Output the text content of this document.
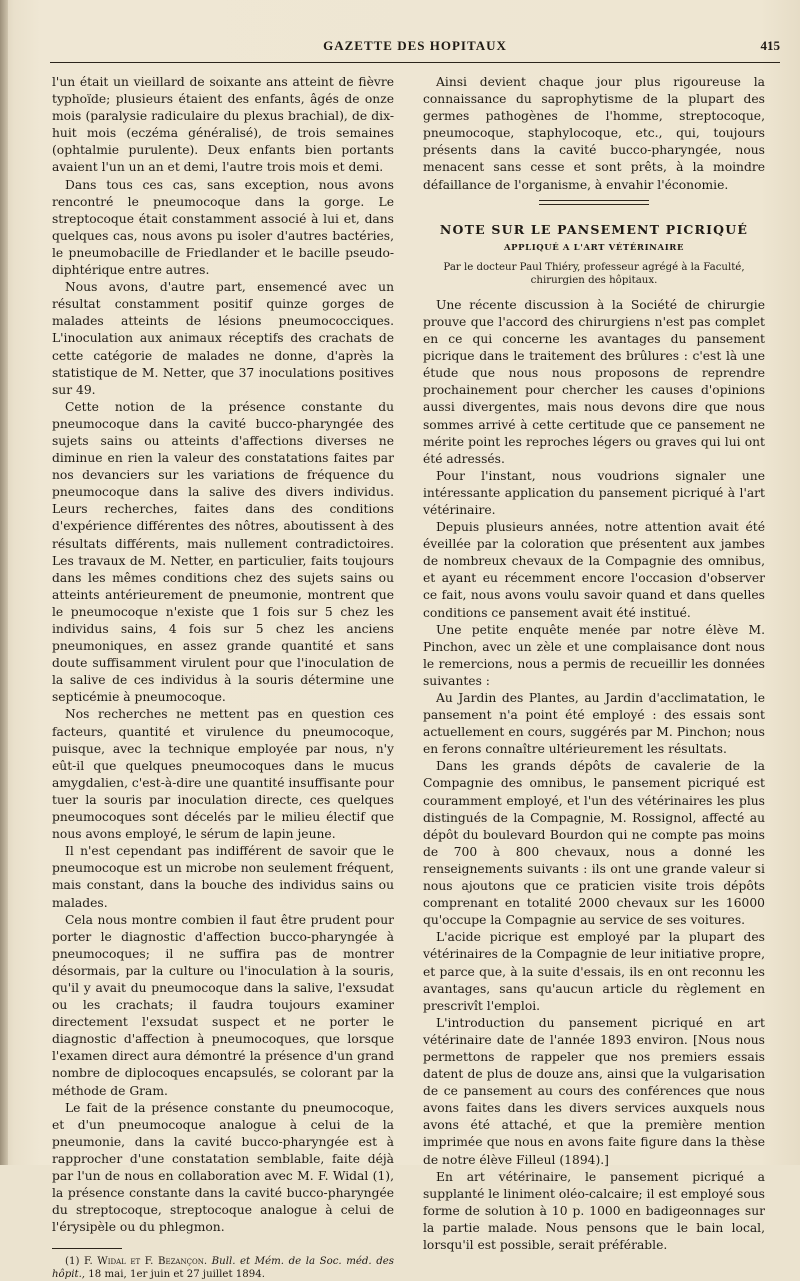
GAZETTE DES HOPITAUX	415

l'un était un vieillard de soixante ans atteint de fièvre typhoïde; plusieurs étaient des enfants, âgés de onze mois (paralysie radiculaire du plexus brachial), de dix-huit mois (eczéma généralisé), de trois semaines (ophtalmie purulente). Deux enfants bien portants avaient l'un un an et demi, l'autre trois mois et demi.

Dans tous ces cas, sans exception, nous avons rencontré le pneumocoque dans la gorge. Le streptocoque était constamment associé à lui et, dans quelques cas, nous avons pu isoler d'autres bactéries, le pneumobacille de Friedlander et le bacille pseudo-diphtérique entre autres.

Nous avons, d'autre part, ensemencé avec un résultat constamment positif quinze gorges de malades atteints de lésions pneumococciques. L'inoculation aux animaux réceptifs des crachats de cette catégorie de malades ne donne, d'après la statistique de M. Netter, que 37 inoculations positives sur 49.

Cette notion de la présence constante du pneumocoque dans la cavité bucco-pharyngée des sujets sains ou atteints d'affections diverses ne diminue en rien la valeur des constatations faites par nos devanciers sur les variations de fréquence du pneumocoque dans la salive des divers individus. Leurs recherches, faites dans des conditions d'expérience différentes des nôtres, aboutissent à des résultats différents, mais nullement contradictoires. Les travaux de M. Netter, en particulier, faits toujours dans les mêmes conditions chez des sujets sains ou atteints antérieurement de pneumonie, montrent que le pneumocoque n'existe que 1 fois sur 5 chez les individus sains, 4 fois sur 5 chez les anciens pneumoniques, en assez grande quantité et sans doute suffisamment virulent pour que l'inoculation de la salive de ces individus à la souris détermine une septicémie à pneumocoque.

Nos recherches ne mettent pas en question ces facteurs, quantité et virulence du pneumocoque, puisque, avec la technique employée par nous, n'y eût-il que quelques pneumocoques dans le mucus amygdalien, c'est-à-dire une quantité insuffisante pour tuer la souris par inoculation directe, ces quelques pneumocoques sont décelés par le milieu électif que nous avons employé, le sérum de lapin jeune.

Il n'est cependant pas indifférent de savoir que le pneumocoque est un microbe non seulement fréquent, mais constant, dans la bouche des individus sains ou malades.

Cela nous montre combien il faut être prudent pour porter le diagnostic d'affection bucco-pharyngée à pneumocoques; il ne suffira pas de montrer désormais, par la culture ou l'inoculation à la souris, qu'il y avait du pneumocoque dans la salive, l'exsudat ou les crachats; il faudra toujours examiner directement l'exsudat suspect et ne porter le diagnostic d'affection à pneumocoques, que lorsque l'examen direct aura démontré la présence d'un grand nombre de diplocoques encapsulés, se colorant par la méthode de Gram.

Le fait de la présence constante du pneumocoque, et d'un pneumocoque analogue à celui de la pneumonie, dans la cavité bucco-pharyngée est à rapprocher d'une constatation semblable, faite déjà par l'un de nous en collaboration avec M. F. Widal (1), la présence constante dans la cavité bucco-pharyngée du streptocoque, streptocoque analogue à celui de l'érysipèle ou du phlegmon.

(1) F. Widal et F. Bezançon. Bull. et Mém. de la Soc. méd. des hôpit., 18 mai, 1er juin et 27 juillet 1894.

Ainsi devient chaque jour plus rigoureuse la connaissance du saprophytisme de la plupart des germes pathogènes de l'homme, streptocoque, pneumocoque, staphylocoque, etc., qui, toujours présents dans la cavité bucco-pharyngée, nous menacent sans cesse et sont prêts, à la moindre défaillance de l'organisme, à envahir l'économie.

NOTE SUR LE PANSEMENT PICRIQUÉ
APPLIQUÉ A L'ART VÉTÉRINAIRE
Par le docteur Paul Thiéry, professeur agrégé à la Faculté, chirurgien des hôpitaux.

Une récente discussion à la Société de chirurgie prouve que l'accord des chirurgiens n'est pas complet en ce qui concerne les avantages du pansement picrique dans le traitement des brûlures : c'est là une étude que nous nous proposons de reprendre prochainement pour chercher les causes d'opinions aussi divergentes, mais nous devons dire que nous sommes arrivé à cette certitude que ce pansement ne mérite point les reproches légers ou graves qui lui ont été adressés.

Pour l'instant, nous voudrions signaler une intéressante application du pansement picriqué à l'art vétérinaire.

Depuis plusieurs années, notre attention avait été éveillée par la coloration que présentent aux jambes de nombreux chevaux de la Compagnie des omnibus, et ayant eu récemment encore l'occasion d'observer ce fait, nous avons voulu savoir quand et dans quelles conditions ce pansement avait été institué.

Une petite enquête menée par notre élève M. Pinchon, avec un zèle et une complaisance dont nous le remercions, nous a permis de recueillir les données suivantes :

Au Jardin des Plantes, au Jardin d'acclimatation, le pansement n'a point été employé : des essais sont actuellement en cours, suggérés par M. Pinchon; nous en ferons connaître ultérieurement les résultats.

Dans les grands dépôts de cavalerie de la Compagnie des omnibus, le pansement picriqué est couramment employé, et l'un des vétérinaires les plus distingués de la Compagnie, M. Rossignol, affecté au dépôt du boulevard Bourdon qui ne compte pas moins de 700 à 800 chevaux, nous a donné les renseignements suivants : ils ont une grande valeur si nous ajoutons que ce praticien visite trois dépôts comprenant en totalité 2000 chevaux sur les 16000 qu'occupe la Compagnie au service de ses voitures.

L'acide picrique est employé par la plupart des vétérinaires de la Compagnie de leur initiative propre, et parce que, à la suite d'essais, ils en ont reconnu les avantages, sans qu'aucun article du règlement en prescrivît l'emploi.

L'introduction du pansement picriqué en art vétérinaire date de l'année 1893 environ. [Nous nous permettons de rappeler que nos premiers essais datent de plus de douze ans, ainsi que la vulgarisation de ce pansement au cours des conférences que nous avons faites dans les divers services auxquels nous avons été attaché, et que la première mention imprimée que nous en avons faite figure dans la thèse de notre élève Filleul (1894).]

En art vétérinaire, le pansement picriqué a supplanté le liniment oléo-calcaire; il est employé sous forme de solution à 10 p. 1000 en badigeonnages sur la partie malade. Nous pensons que le bain local, lorsqu'il est possible, serait préférable.
